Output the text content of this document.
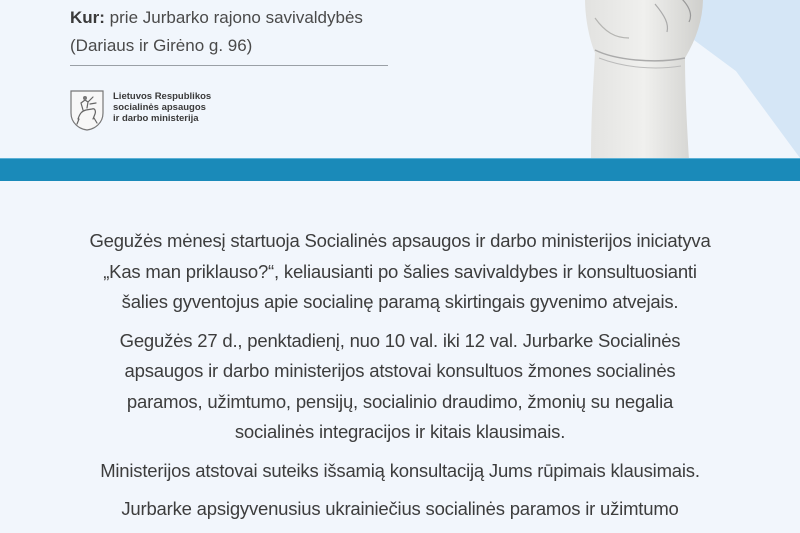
Kur: prie Jurbarko rajono savivaldybės
(Dariaus ir Girėno g. 96)
Lietuvos Respublikos
socialinės apsaugos
ir darbo ministerija

Gegužės mėnesį startuoja Socialinės apsaugos ir darbo ministerijos iniciatyva
„Kas man priklauso?“, keliausianti po šalies savivaldybes ir konsultuosianti
šalies gyventojus apie socialinę paramą skirtingais gyvenimo atvejais.

Gegužės 27 d., penktadienį, nuo 10 val. iki 12 val. Jurbarke Socialinės
apsaugos ir darbo ministerijos atstovai konsultuos žmones socialinės
paramos, užimtumo, pensijų, socialinio draudimo, žmonių su negalia
socialinės integracijos ir kitais klausimais.

Ministerijos atstovai suteiks išsamią konsultaciją Jums rūpimais klausimais.

Jurbarke apsigyvenusius ukrainiečius socialinės paramos ir užimtumo
